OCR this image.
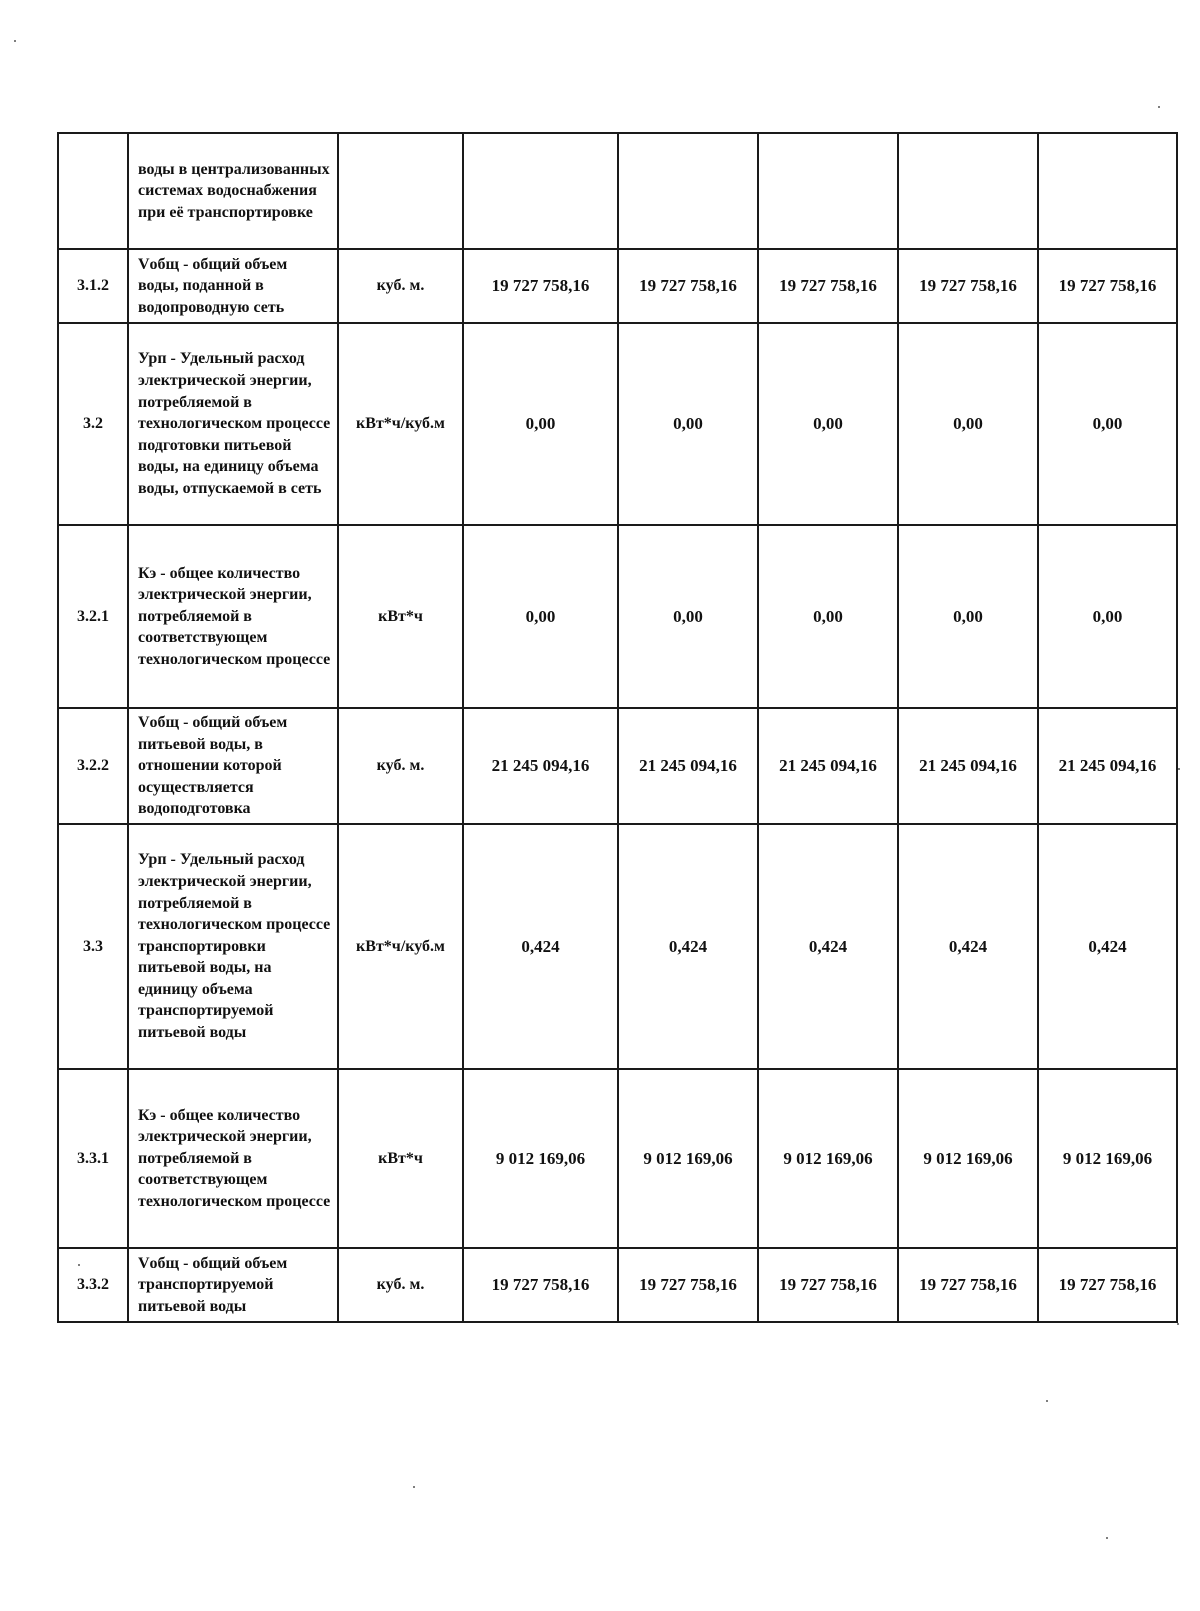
	воды в централизованных системах водоснабжения при её транспортировке						
3.1.2	Vобщ - общий объем воды, поданной в водопроводную сеть	куб. м.	19 727 758,16	19 727 758,16	19 727 758,16	19 727 758,16	19 727 758,16
3.2	Урп - Удельный расход электрической энергии, потребляемой в технологическом процессе подготовки питьевой воды, на единицу объема воды, отпускаемой в сеть	кВт*ч/куб.м	0,00	0,00	0,00	0,00	0,00
3.2.1	Кэ - общее количество электрической энергии, потребляемой в соответствующем технологическом процессе	кВт*ч	0,00	0,00	0,00	0,00	0,00
3.2.2	Vобщ - общий объем питьевой воды, в отношении которой осуществляется водоподготовка	куб. м.	21 245 094,16	21 245 094,16	21 245 094,16	21 245 094,16	21 245 094,16
3.3	Урп - Удельный расход электрической энергии, потребляемой в технологическом процессе транспортировки питьевой воды, на единицу объема транспортируемой питьевой воды	кВт*ч/куб.м	0,424	0,424	0,424	0,424	0,424
3.3.1	Кэ - общее количество электрической энергии, потребляемой в соответствующем технологическом процессе	кВт*ч	9 012 169,06	9 012 169,06	9 012 169,06	9 012 169,06	9 012 169,06
3.3.2	Vобщ - общий объем транспортируемой питьевой воды	куб. м.	19 727 758,16	19 727 758,16	19 727 758,16	19 727 758,16	19 727 758,16
